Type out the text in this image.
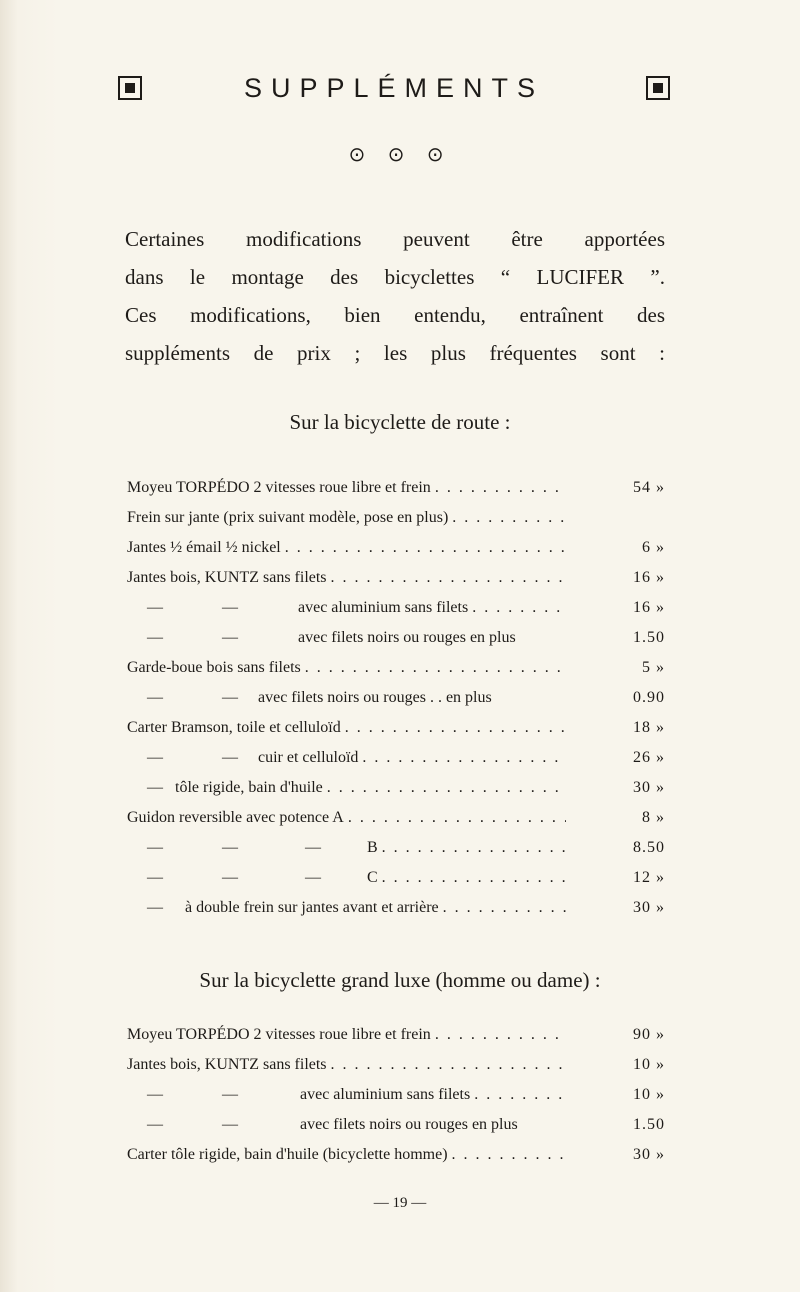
SUPPLÉMENTS
⊙ ⊙ ⊙

Certaines modifications peuvent être apportées

dans le montage des bicyclettes “ LUCIFER ”.

Ces modifications, bien entendu, entraînent des

suppléments de prix ; les plus fréquentes sont :

Sur la bicyclette de route :
Moyeu TORPÉDO 2 vitesses roue libre et frein . . .	54 »
Frein sur jante (prix suivant modèle, pose en plus)
. . .
Jantes ½ émail ½ nickel . . .	6 »
Jantes bois, KUNTZ sans filets . . .	16 »
—	—	avec aluminium sans filets . . .	16 »
—	—	avec filets noirs ou rouges en plus	1.50
Garde-boue bois sans filets . . .	5 »
—	—	avec filets noirs ou rouges . . en plus	0.90
Carter Bramson, toile et celluloïd . . .	18 »
—	—	cuir et celluloïd . . .	26 »
— tôle rigide, bain d'huile . . .	30 »
Guidon reversible avec potence A . . .	8 »
—	—	—	B . . .	8.50
—	—	—	C . . .	12 »
—	à double frein sur jantes avant et arrière . . .	30 »
Sur la bicyclette grand luxe (homme ou dame) :
Moyeu TORPÉDO 2 vitesses roue libre et frein . . .	90 »
Jantes bois, KUNTZ sans filets . . .	10 »
—	—	avec aluminium sans filets . . .	10 »
—	—	avec filets noirs ou rouges en plus	1.50
Carter tôle rigide, bain d'huile (bicyclette homme) . . .	30 »
— 19 —
